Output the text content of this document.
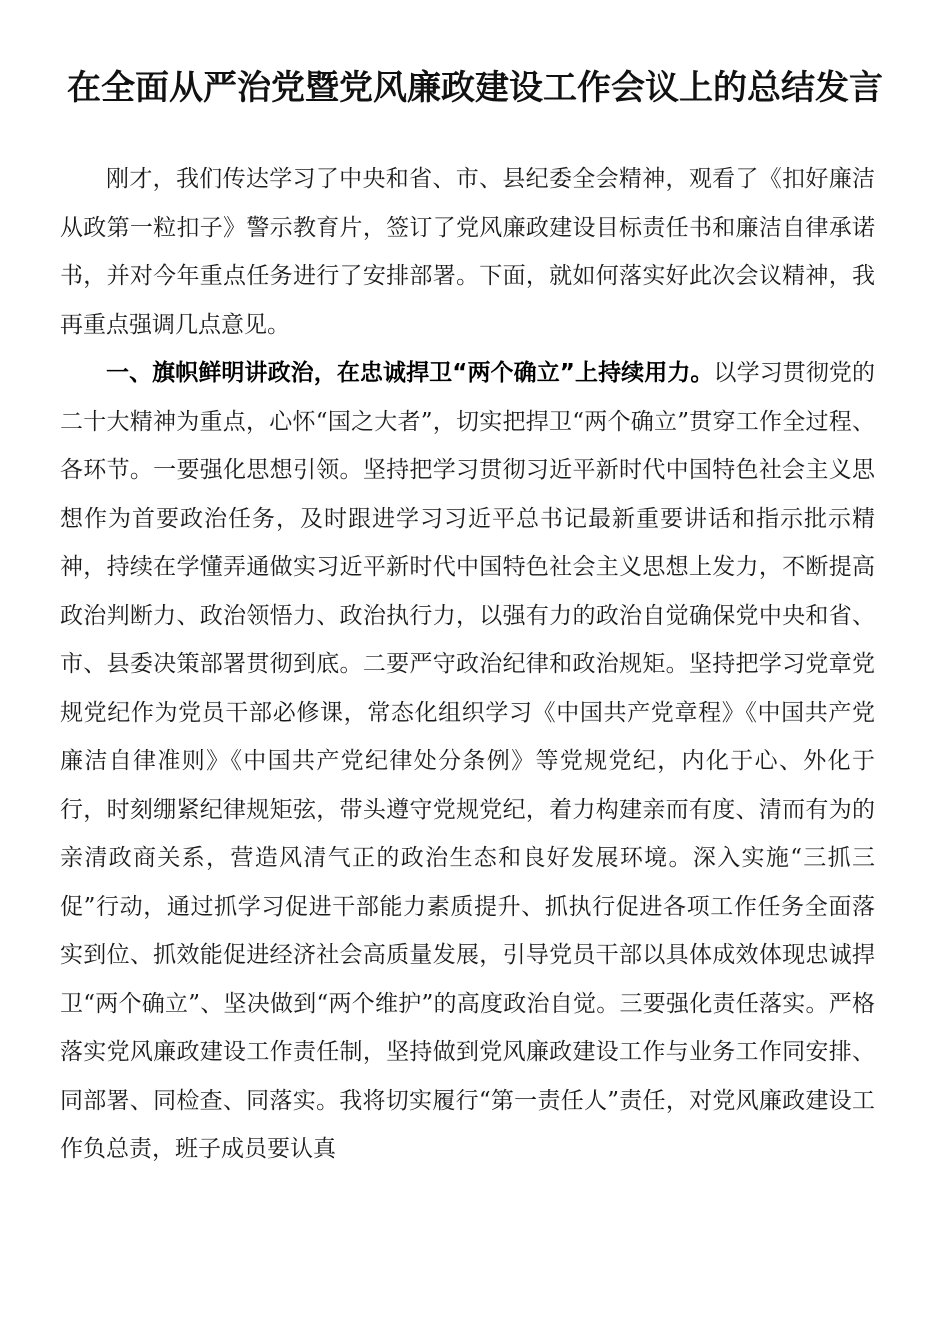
在全面从严治党暨党风廉政建设工作会议上的总结发言

刚才，我们传达学习了中央和省、市、县纪委全会精神，观看了《扣好廉洁从政第一粒扣子》警示教育片，签订了党风廉政建设目标责任书和廉洁自律承诺书，并对今年重点任务进行了安排部署。下面，就如何落实好此次会议精神，我再重点强调几点意见。

一、旗帜鲜明讲政治，在忠诚捍卫“两个确立”上持续用力。以学习贯彻党的二十大精神为重点，心怀“国之大者”，切实把捍卫“两个确立”贯穿工作全过程、各环节。一要强化思想引领。坚持把学习贯彻习近平新时代中国特色社会主义思想作为首要政治任务，及时跟进学习习近平总书记最新重要讲话和指示批示精神，持续在学懂弄通做实习近平新时代中国特色社会主义思想上发力，不断提高政治判断力、政治领悟力、政治执行力，以强有力的政治自觉确保党中央和省、市、县委决策部署贯彻到底。二要严守政治纪律和政治规矩。坚持把学习党章党规党纪作为党员干部必修课，常态化组织学习《中国共产党章程》《中国共产党廉洁自律准则》《中国共产党纪律处分条例》等党规党纪，内化于心、外化于行，时刻绷紧纪律规矩弦，带头遵守党规党纪，着力构建亲而有度、清而有为的亲清政商关系，营造风清气正的政治生态和良好发展环境。深入实施“三抓三促”行动，通过抓学习促进干部能力素质提升、抓执行促进各项工作任务全面落实到位、抓效能促进经济社会高质量发展，引导党员干部以具体成效体现忠诚捍卫“两个确立”、坚决做到“两个维护”的高度政治自觉。三要强化责任落实。严格落实党风廉政建设工作责任制，坚持做到党风廉政建设工作与业务工作同安排、同部署、同检查、同落实。我将切实履行“第一责任人”责任，对党风廉政建设工作负总责，班子成员要认真
